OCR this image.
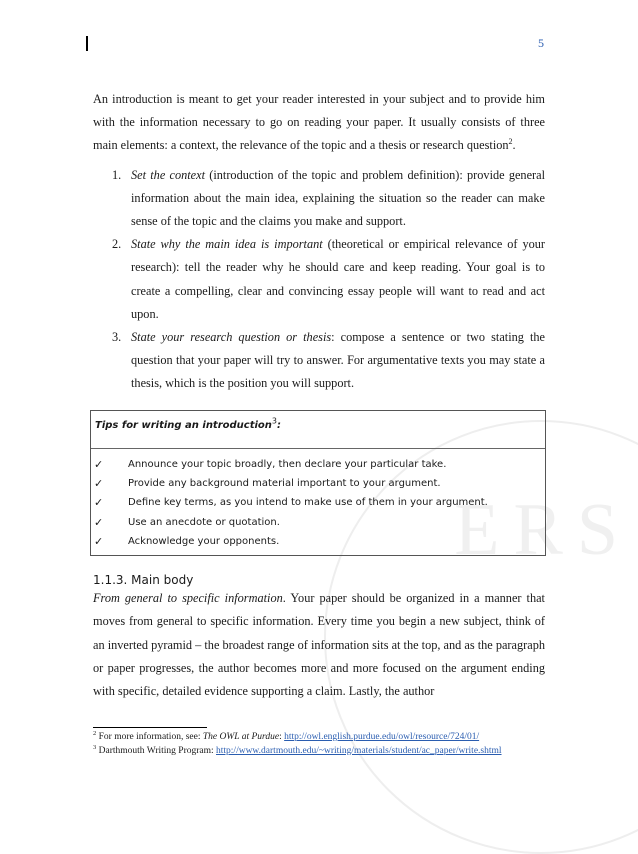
ERS
5

An introduction is meant to get your reader interested in your subject and to provide him with the information necessary to go on reading your paper. It usually consists of three main elements: a context, the relevance of the topic and a thesis or research question$^2$.

1. Set the context (introduction of the topic and problem definition): provide general information about the main idea, explaining the situation so the reader can make sense of the topic and the claims you make and support.
2. State why the main idea is important (theoretical or empirical relevance of your research): tell the reader why he should care and keep reading. Your goal is to create a compelling, clear and convincing essay people will want to read and act upon.
3. State your research question or thesis: compose a sentence or two stating the question that your paper will try to answer. For argumentative texts you may state a thesis, which is the position you will support.
Tips for writing an introduction$^3$:
✓ Announce your topic broadly, then declare your particular take.
✓ Provide any background material important to your argument.
✓ Define key terms, as you intend to make use of them in your argument.
✓ Use an anecdote or quotation.
✓ Acknowledge your opponents.
1.1.3. Main body

From general to specific information. Your paper should be organized in a manner that moves from general to specific information. Every time you begin a new subject, think of an inverted pyramid – the broadest range of information sits at the top, and as the paragraph or paper progresses, the author becomes more and more focused on the argument ending with specific, detailed evidence supporting a claim. Lastly, the author

$^2$ For more information, see: The OWL at Purdue: http://owl.english.purdue.edu/owl/resource/724/01/
$^3$ Darthmouth Writing Program: http://www.dartmouth.edu/~writing/materials/student/ac_paper/write.shtml
